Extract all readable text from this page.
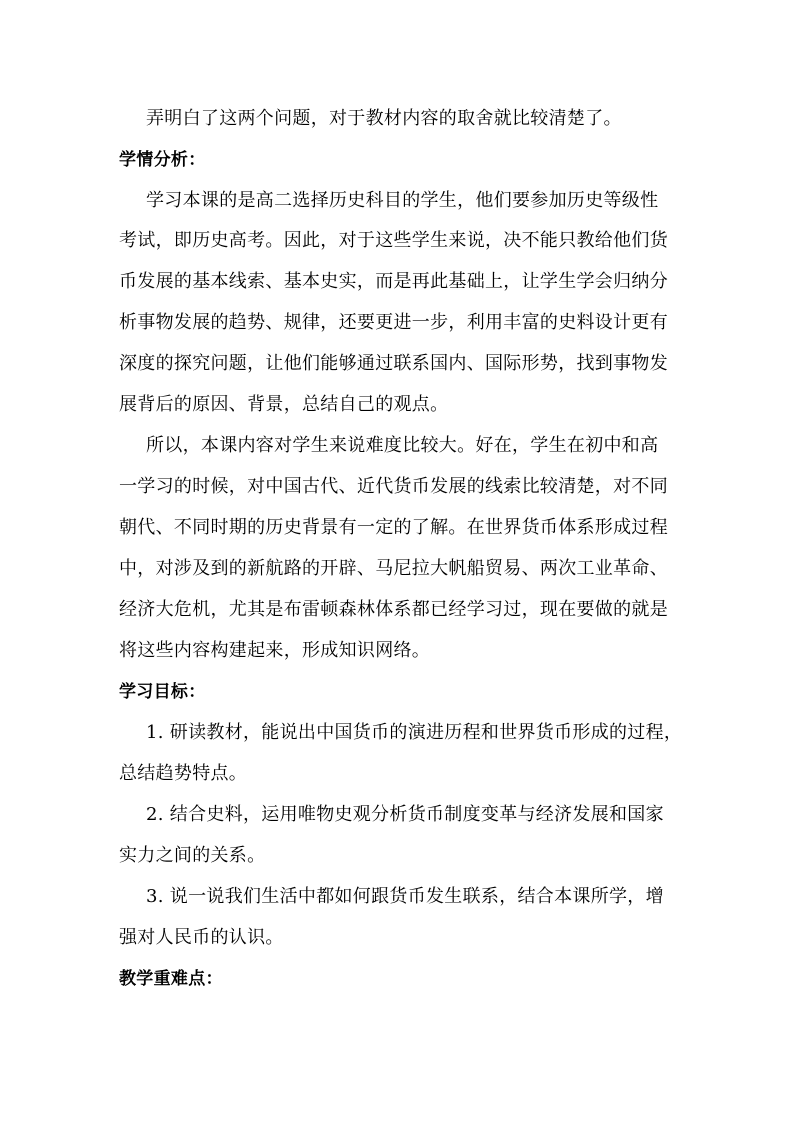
弄明白了这两个问题，对于教材内容的取舍就比较清楚了。
学情分析：
学习本课的是高二选择历史科目的学生，他们要参加历史等级性
考试，即历史高考。因此，对于这些学生来说，决不能只教给他们货
币发展的基本线索、基本史实，而是再此基础上，让学生学会归纳分
析事物发展的趋势、规律，还要更进一步，利用丰富的史料设计更有
深度的探究问题，让他们能够通过联系国内、国际形势，找到事物发
展背后的原因、背景，总结自己的观点。
所以，本课内容对学生来说难度比较大。好在，学生在初中和高
一学习的时候，对中国古代、近代货币发展的线索比较清楚，对不同
朝代、不同时期的历史背景有一定的了解。在世界货币体系形成过程
中，对涉及到的新航路的开辟、马尼拉大帆船贸易、两次工业革命、
经济大危机，尤其是布雷顿森林体系都已经学习过，现在要做的就是
将这些内容构建起来，形成知识网络。
学习目标：
1. 研读教材，能说出中国货币的演进历程和世界货币形成的过程，
总结趋势特点。
2. 结合史料，运用唯物史观分析货币制度变革与经济发展和国家
实力之间的关系。
3. 说一说我们生活中都如何跟货币发生联系，结合本课所学，增
强对人民币的认识。
教学重难点：
